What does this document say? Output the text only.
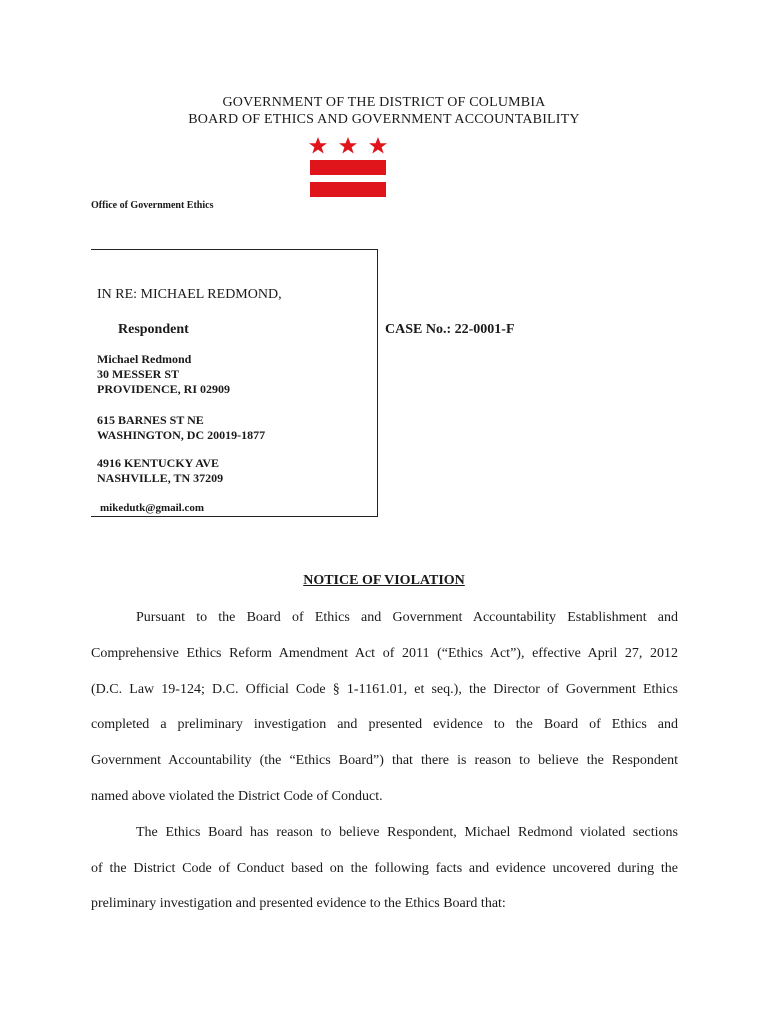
GOVERNMENT OF THE DISTRICT OF COLUMBIA
BOARD OF ETHICS AND GOVERNMENT ACCOUNTABILITY
Office of Government Ethics
IN RE: MICHAEL REDMOND,
Respondent	CASE No.: 22-0001-F
Michael Redmond
30 MESSER ST
PROVIDENCE, RI 02909
615 BARNES ST NE
WASHINGTON, DC 20019-1877
4916 KENTUCKY AVE
NASHVILLE, TN 37209
mikedutk@gmail.com
NOTICE OF VIOLATION
Pursuant to the Board of Ethics and Government Accountability Establishment and
Comprehensive Ethics Reform Amendment Act of 2011 (“Ethics Act”), effective April 27, 2012
(D.C. Law 19-124; D.C. Official Code § 1-1161.01, et seq.), the Director of Government Ethics
completed a preliminary investigation and presented evidence to the Board of Ethics and
Government Accountability (the “Ethics Board”) that there is reason to believe the Respondent
named above violated the District Code of Conduct.
The Ethics Board has reason to believe Respondent, Michael Redmond violated sections
of the District Code of Conduct based on the following facts and evidence uncovered during the
preliminary investigation and presented evidence to the Ethics Board that:
